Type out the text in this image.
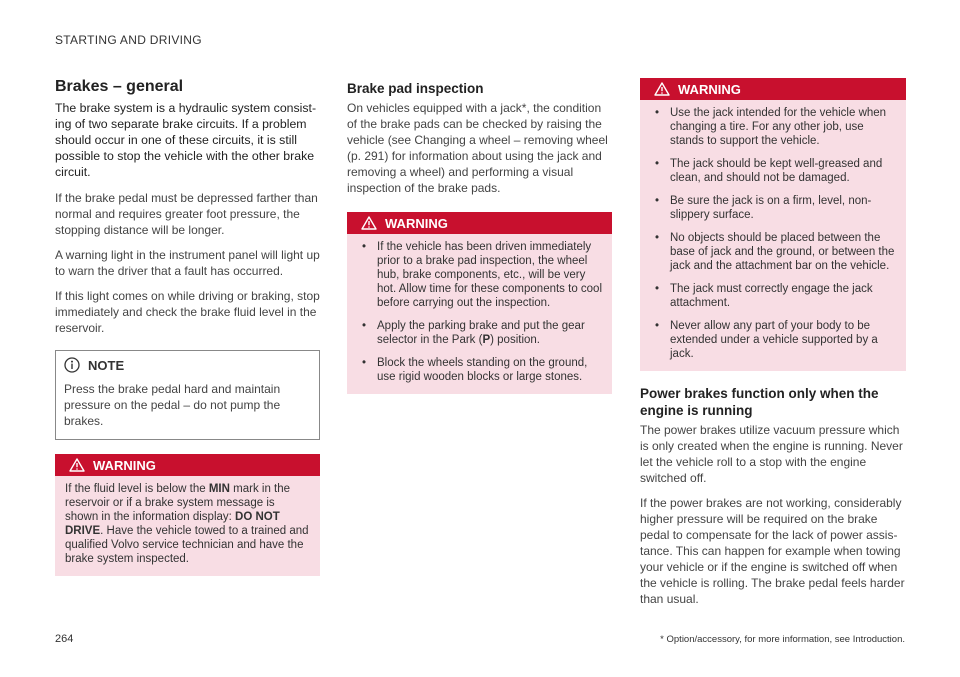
STARTING AND DRIVING
Brakes – general
The brake system is a hydraulic system consist-ing of two separate brake circuits. If a problem should occur in one of these circuits, it is still possible to stop the vehicle with the other brake circuit.

If the brake pedal must be depressed farther than normal and requires greater foot pressure, the stopping distance will be longer.

A warning light in the instrument panel will light up to warn the driver that a fault has occurred.

If this light comes on while driving or braking, stop immediately and check the brake fluid level in the reservoir.

NOTE
Press the brake pedal hard and maintain pressure on the pedal – do not pump the brakes.
WARNING
If the fluid level is below the MIN mark in the reservoir or if a brake system message is shown in the information display: DO NOT DRIVE. Have the vehicle towed to a trained and qualified Volvo service technician and have the brake system inspected.
Brake pad inspection

On vehicles equipped with a jack*, the condition of the brake pads can be checked by raising the vehicle (see Changing a wheel – removing wheel (p. 291) for information about using the jack and removing a wheel) and performing a visual inspection of the brake pads.

WARNING
• If the vehicle has been driven immediately prior to a brake pad inspection, the wheel hub, brake components, etc., will be very hot. Allow time for these components to cool before carrying out the inspection.
• Apply the parking brake and put the gear selector in the Park (P) position.
• Block the wheels standing on the ground, use rigid wooden blocks or large stones.
WARNING
• Use the jack intended for the vehicle when changing a tire. For any other job, use stands to support the vehicle.
• The jack should be kept well-greased and clean, and should not be damaged.
• Be sure the jack is on a firm, level, non-slippery surface.
• No objects should be placed between the base of jack and the ground, or between the jack and the attachment bar on the vehicle.
• The jack must correctly engage the jack attachment.
• Never allow any part of your body to be extended under a vehicle supported by a jack.
Power brakes function only when the engine is running

The power brakes utilize vacuum pressure which is only created when the engine is running. Never let the vehicle roll to a stop with the engine switched off.

If the power brakes are not working, considerably higher pressure will be required on the brake pedal to compensate for the lack of power assis-tance. This can happen for example when towing your vehicle or if the engine is switched off when the vehicle is rolling. The brake pedal feels harder than usual.

264	* Option/accessory, for more information, see Introduction.
